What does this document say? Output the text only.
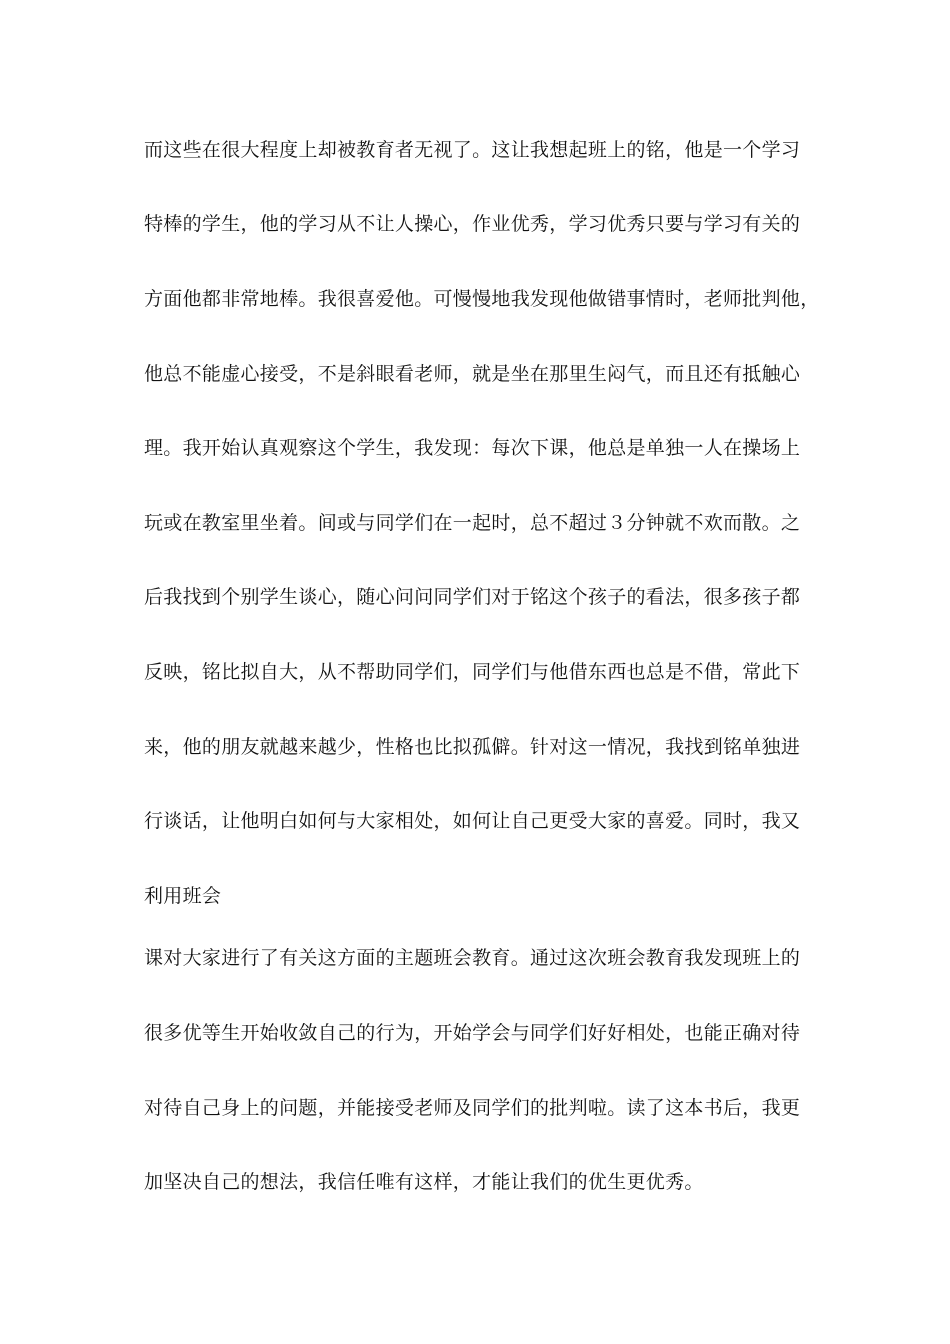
而这些在很大程度上却被教育者无视了。这让我想起班上的铭，他是一个学习
特棒的学生，他的学习从不让人操心，作业优秀，学习优秀只要与学习有关的
方面他都非常地棒。我很喜爱他。可慢慢地我发现他做错事情时，老师批判他，
他总不能虚心接受，不是斜眼看老师，就是坐在那里生闷气，而且还有抵触心
理。我开始认真观察这个学生，我发现：每次下课，他总是单独一人在操场上
玩或在教室里坐着。间或与同学们在一起时，总不超过３分钟就不欢而散。之
后我找到个别学生谈心，随心问问同学们对于铭这个孩子的看法，很多孩子都
反映，铭比拟自大，从不帮助同学们，同学们与他借东西也总是不借，常此下
来，他的朋友就越来越少，性格也比拟孤僻。针对这一情况，我找到铭单独进
行谈话，让他明白如何与大家相处，如何让自己更受大家的喜爱。同时，我又
利用班会
课对大家进行了有关这方面的主题班会教育。通过这次班会教育我发现班上的
很多优等生开始收敛自己的行为，开始学会与同学们好好相处，也能正确对待
对待自己身上的问题，并能接受老师及同学们的批判啦。读了这本书后，我更
加坚决自己的想法，我信任唯有这样，才能让我们的优生更优秀。
